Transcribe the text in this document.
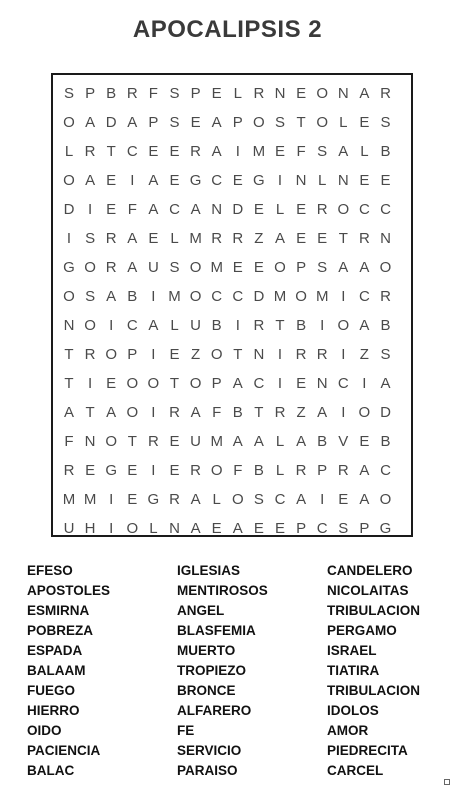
APOCALIPSIS 2
S P B R F S P E L R N E O N A R
O A D A P S E A P O S T O L E S
L R T C E E R A I M E F S A L B
O A E I A E G C E G I N L N E E
D I E F A C A N D E L E R O C C
I S R A E L M R R Z A E E T R N
G O R A U S O M E E O P S A A O
O S A B I M O C C D M O M I C R
N O I C A L U B I R T B I O A B
T R O P I E Z O T N I R R I Z S
T I E O O T O P A C I E N C I A
A T A O I R A F B T R Z A I O D
F N O T R E U M A A L A B V E B
R E G E I E R O F B L R P R A C
M M I E G R A L O S C A I E A O
U H I O L N A E A E E P C S P G
EFESO
APOSTOLES
ESMIRNA
POBREZA
ESPADA
BALAAM
FUEGO
HIERRO
OIDO
PACIENCIA
BALAC
IGLESIAS
MENTIROSOS
ANGEL
BLASFEMIA
MUERTO
TROPIEZO
BRONCE
ALFARERO
FE
SERVICIO
PARAISO
CANDELERO
NICOLAITAS
TRIBULACION
PERGAMO
ISRAEL
TIATIRA
TRIBULACION
IDOLOS
AMOR
PIEDRECITA
CARCEL
